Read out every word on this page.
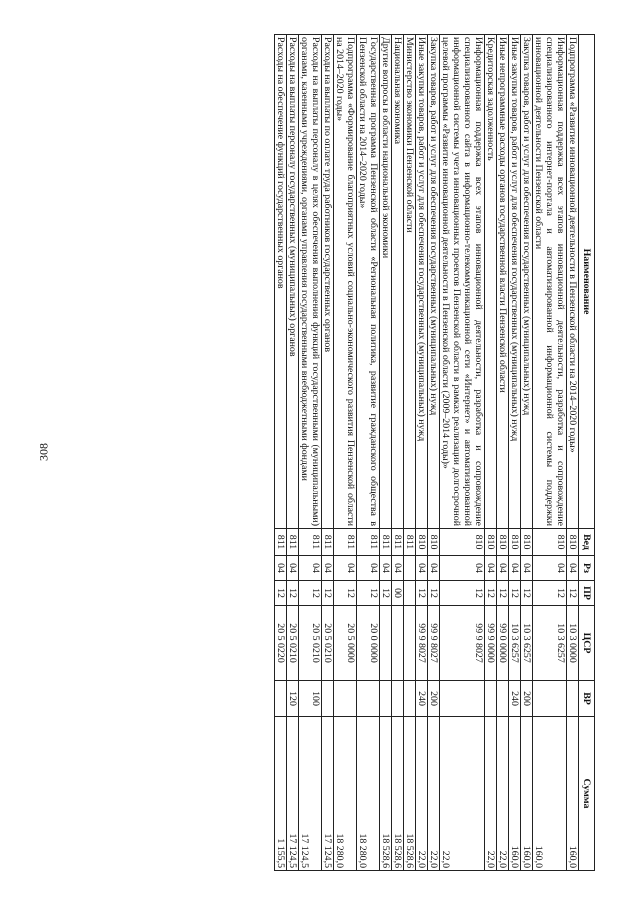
308
Наименование	Вед	Рз	ПР	ЦСР	ВР	Сумма
Подпрограмма «Развитие инновационной деятельности в Пензенской области на 2014–2020 годы»	810	04	12	10 3 0000		160,0
Информационная поддержка всех этапов инновационной деятельности, разработка и сопровождение специализированного интернет-портала и автоматизированной информационной системы поддержки инновационной деятельности Пензенской области	810	04	12	10 3 6257		160,0
Закупка товаров, работ и услуг для обеспечения государственных (муниципальных) нужд	810	04	12	10 3 6257	200	160,0
Иные закупки товаров, работ и услуг для обеспечения государственных (муниципальных) нужд	810	04	12	10 3 6257	240	160,0
Иные непрограммные расходы органов государственной власти Пензенской области	810	04	12	99 0 0000		22,0
Кредиторская задолженность	810	04	12	99 9 0000		22,0
Информационная поддержка всех этапов инновационной деятельности, разработка и сопровождение специализированного сайта в информационно-телекоммуникационной сети «Интернет» и автоматизированной информационной системы учета инновационных проектов Пензенской области в рамках реализации долгосрочной целевой программы «Развитие инновационной деятельности в Пензенской области (2009–2014 годы)»	810	04	12	99 9 8027		22,0
Закупка товаров, работ и услуг для обеспечения государственных (муниципальных) нужд	810	04	12	99 9 8027	200	22,0
Иные закупки товаров, работ и услуг для обеспечения государственных (муниципальных) нужд	810	04	12	99 9 8027	240	22,0
Министерство экономики Пензенской области	811					18 528,6
Национальная экономика	811	04	00			18 528,6
Другие вопросы в области национальной экономики	811	04	12			18 528,6
Государственная программа Пензенской области «Региональная политика, развитие гражданского общества в Пензенской области на 2014–2020 годы»	811	04	12	20 0 0000		18 280,0
Подпрограмма «Формирование благоприятных условий социально-экономического развития Пензенской области на 2014–2020 годы»	811	04	12	20 5 0000		18 280,0
Расходы на выплаты по оплате труда работников государственных органов	811	04	12	20 5 0210		17 124,5
Расходы на выплаты персоналу в целях обеспечения выполнения функций государственными (муниципальными) органами, казенными учреждениями, органами управления государственными внебюджетными фондами	811	04	12	20 5 0210	100	17 124,5
Расходы на выплаты персоналу государственных (муниципальных) органов	811	04	12	20 5 0210	120	17 124,5
Расходы на обеспечение функций государственных органов	811	04	12	20 5 0220		1 155,5
